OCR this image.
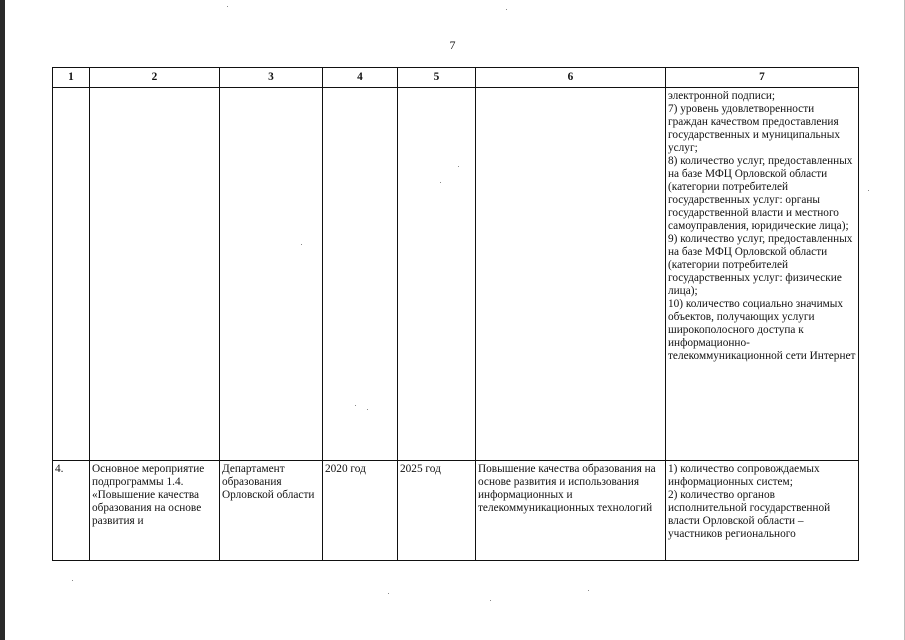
7
1	2	3	4	5	6	7

						электронной подписи;

7) уровень удовлетворенности граждан качеством предоставления государственных и муниципальных услуг;

8) количество услуг, предоставленных на базе МФЦ Орловской области (категории потребителей государственных услуг: органы государственной власти и местного самоуправления, юридические лица);

9) количество услуг, предоставленных на базе МФЦ Орловской области (категории потребителей государственных услуг: физические лица);

10) количество социально значимых объектов, получающих услуги широкополосного доступа к информационно-телекоммуникационной сети Интернет

4.	Основное мероприятие подпрограммы 1.4. «Повышение качества образования на основе развития и	Департамент образования Орловской области	2020 год	2025 год	Повышение качества образования на основе развития и использования информационных и телекоммуникационных технологий	1) количество сопровождаемых информационных систем;

2) количество органов исполнительной государственной власти Орловской области – участников регионального
